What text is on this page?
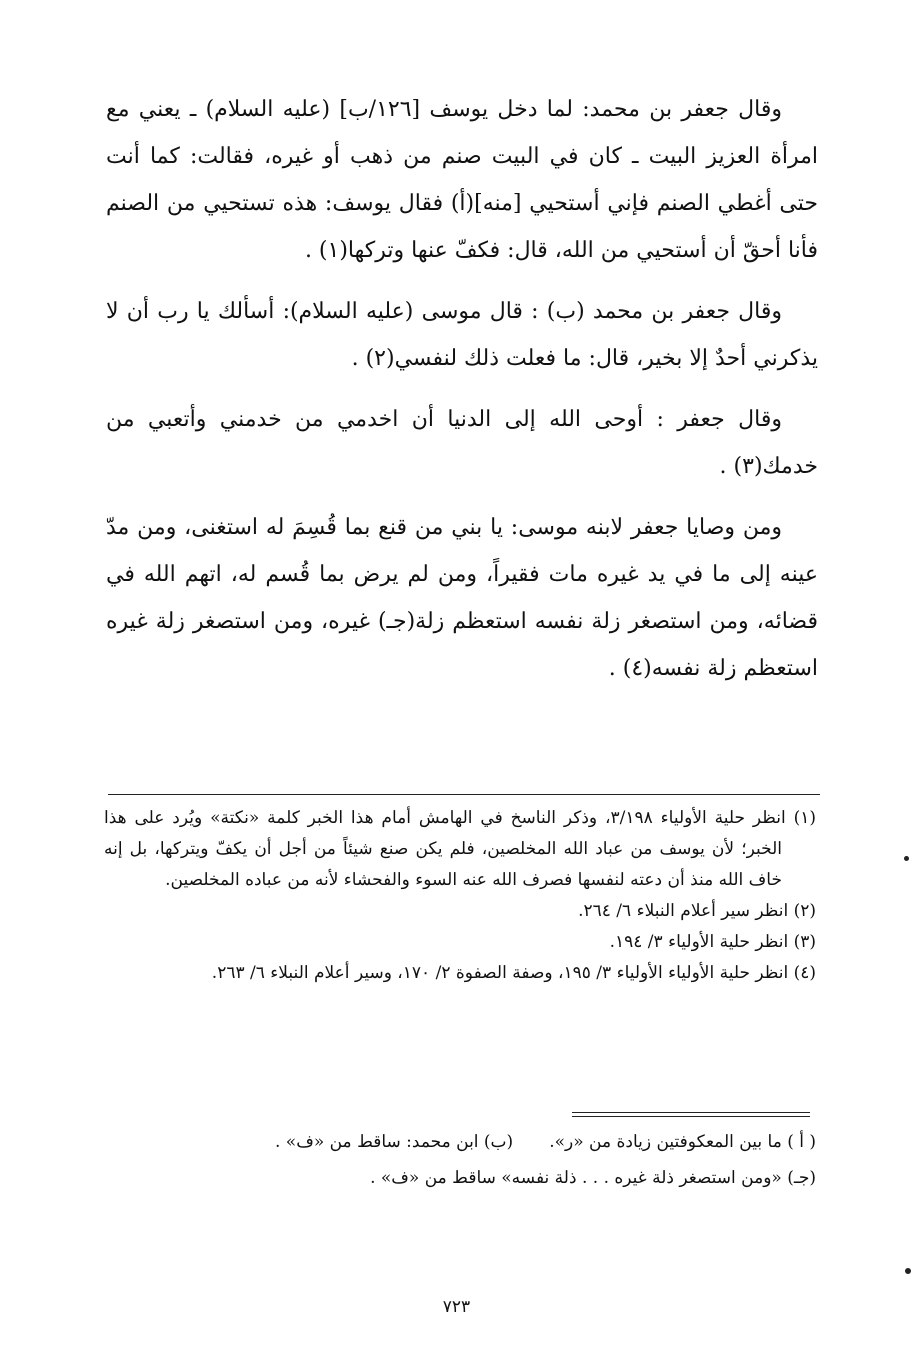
وقال جعفر بن محمد: لما دخل يوسف [١٢٦/ب] (عليه السلام) ـ يعني مع امرأة العزيز البيت ـ كان في البيت صنم من ذهب أو غيره، فقالت: كما أنت حتى أغطي الصنم فإني أستحيي [منه](أ) فقال يوسف: هذه تستحيي من الصنم فأنا أحقّ أن أستحيي من الله، قال: فكفّ عنها وتركها(١) .

وقال جعفر بن محمد (ب) : قال موسى (عليه السلام): أسألك يا رب أن لا يذكرني أحدٌ إلا بخير، قال: ما فعلت ذلك لنفسي(٢) .

وقال جعفر : أوحى الله إلى الدنيا أن اخدمي من خدمني وأتعبي من خدمك(٣) .

ومن وصايا جعفر لابنه موسى: يا بني من قنع بما قُسِمَ له استغنى، ومن مدّ عينه إلى ما في يد غيره مات فقيراً، ومن لم يرض بما قُسم له، اتهم الله في قضائه، ومن استصغر زلة نفسه استعظم زلة(جـ) غيره، ومن استصغر زلة غيره استعظم زلة نفسه(٤) .

(١) انظر حلية الأولياء ٣/١٩٨، وذكر الناسخ في الهامش أمام هذا الخبر كلمة «نكتة» ويُرد على هذا الخبر؛ لأن يوسف من عباد الله المخلصين، فلم يكن صنع شيئاً من أجل أن يكفّ ويتركها، بل إنه خاف الله منذ أن دعته لنفسها فصرف الله عنه السوء والفحشاء لأنه من عباده المخلصين.

(٢) انظر سير أعلام النبلاء ٦/ ٢٦٤.

(٣) انظر حلية الأولياء ٣/ ١٩٤.

(٤) انظر حلية الأولياء الأولياء ٣/ ١٩٥، وصفة الصفوة ٢/ ١٧٠، وسير أعلام النبلاء ٦/ ٢٦٣.

( أ ) ما بين المعكوفتين زيادة من «ر».(ب) ابن محمد: ساقط من «ف» .

(جـ) «ومن استصغر ذلة غيره . . . ذلة نفسه» ساقط من «ف» .

٧٢٣
